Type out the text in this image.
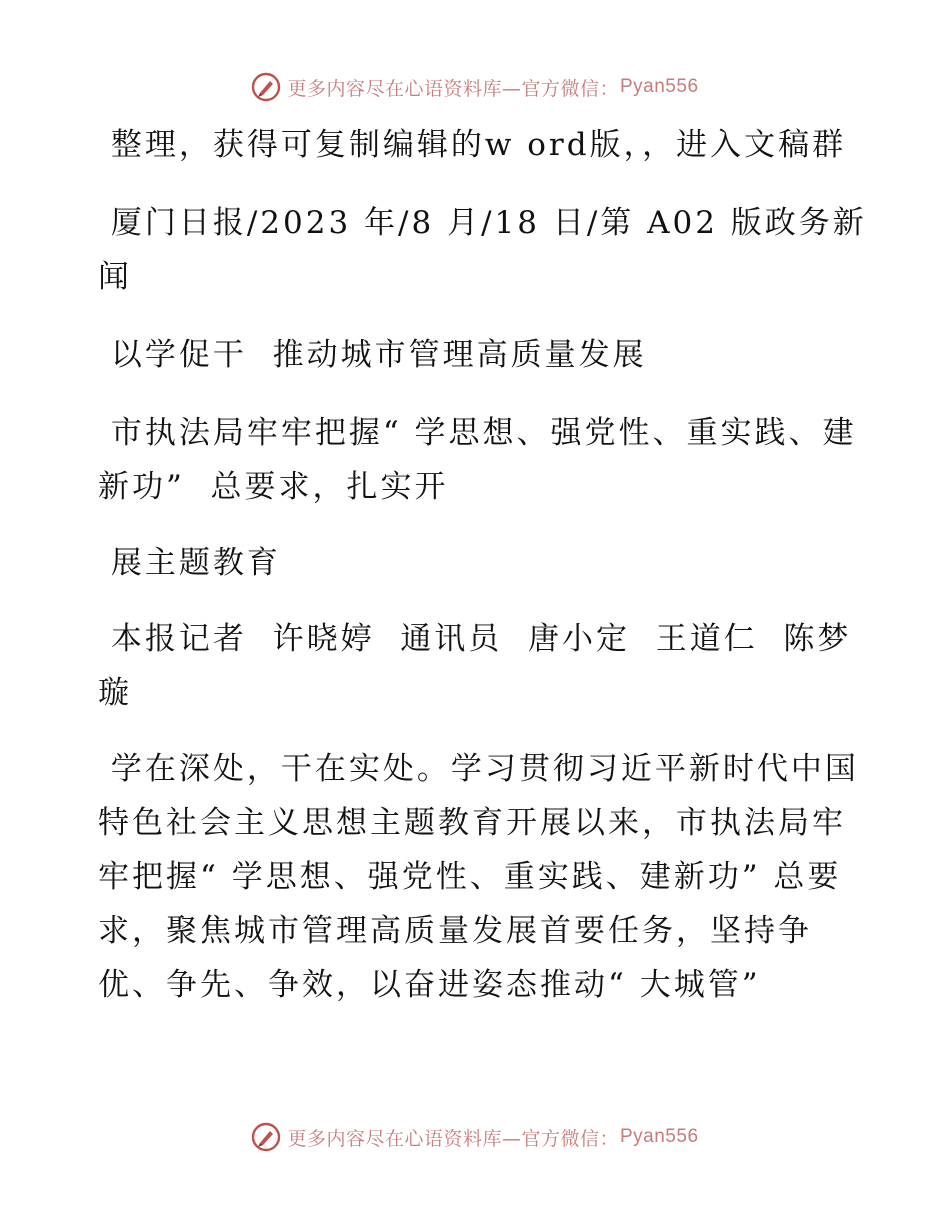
更多内容尽在心语资料库—官方微信： Pyan556

整理，获得可复制编辑的w ord版，，进入文稿群

厦门日报/2023 年/8 月/18 日/第 A02 版政务新闻

以学促干  推动城市管理高质量发展

市执法局牢牢把握“ 学思想、强党性、重实践、建新功”  总要求，扎实开

展主题教育

本报记者  许晓婷  通讯员  唐小定  王道仁  陈梦璇

学在深处，干在实处。学习贯彻习近平新时代中国特色社会主义思想主题教育开展以来，市执法局牢牢把握“ 学思想、强党性、重实践、建新功” 总要求，聚焦城市管理高质量发展首要任务，坚持争优、争先、争效，以奋进姿态推动“ 大城管”

更多内容尽在心语资料库—官方微信： Pyan556
